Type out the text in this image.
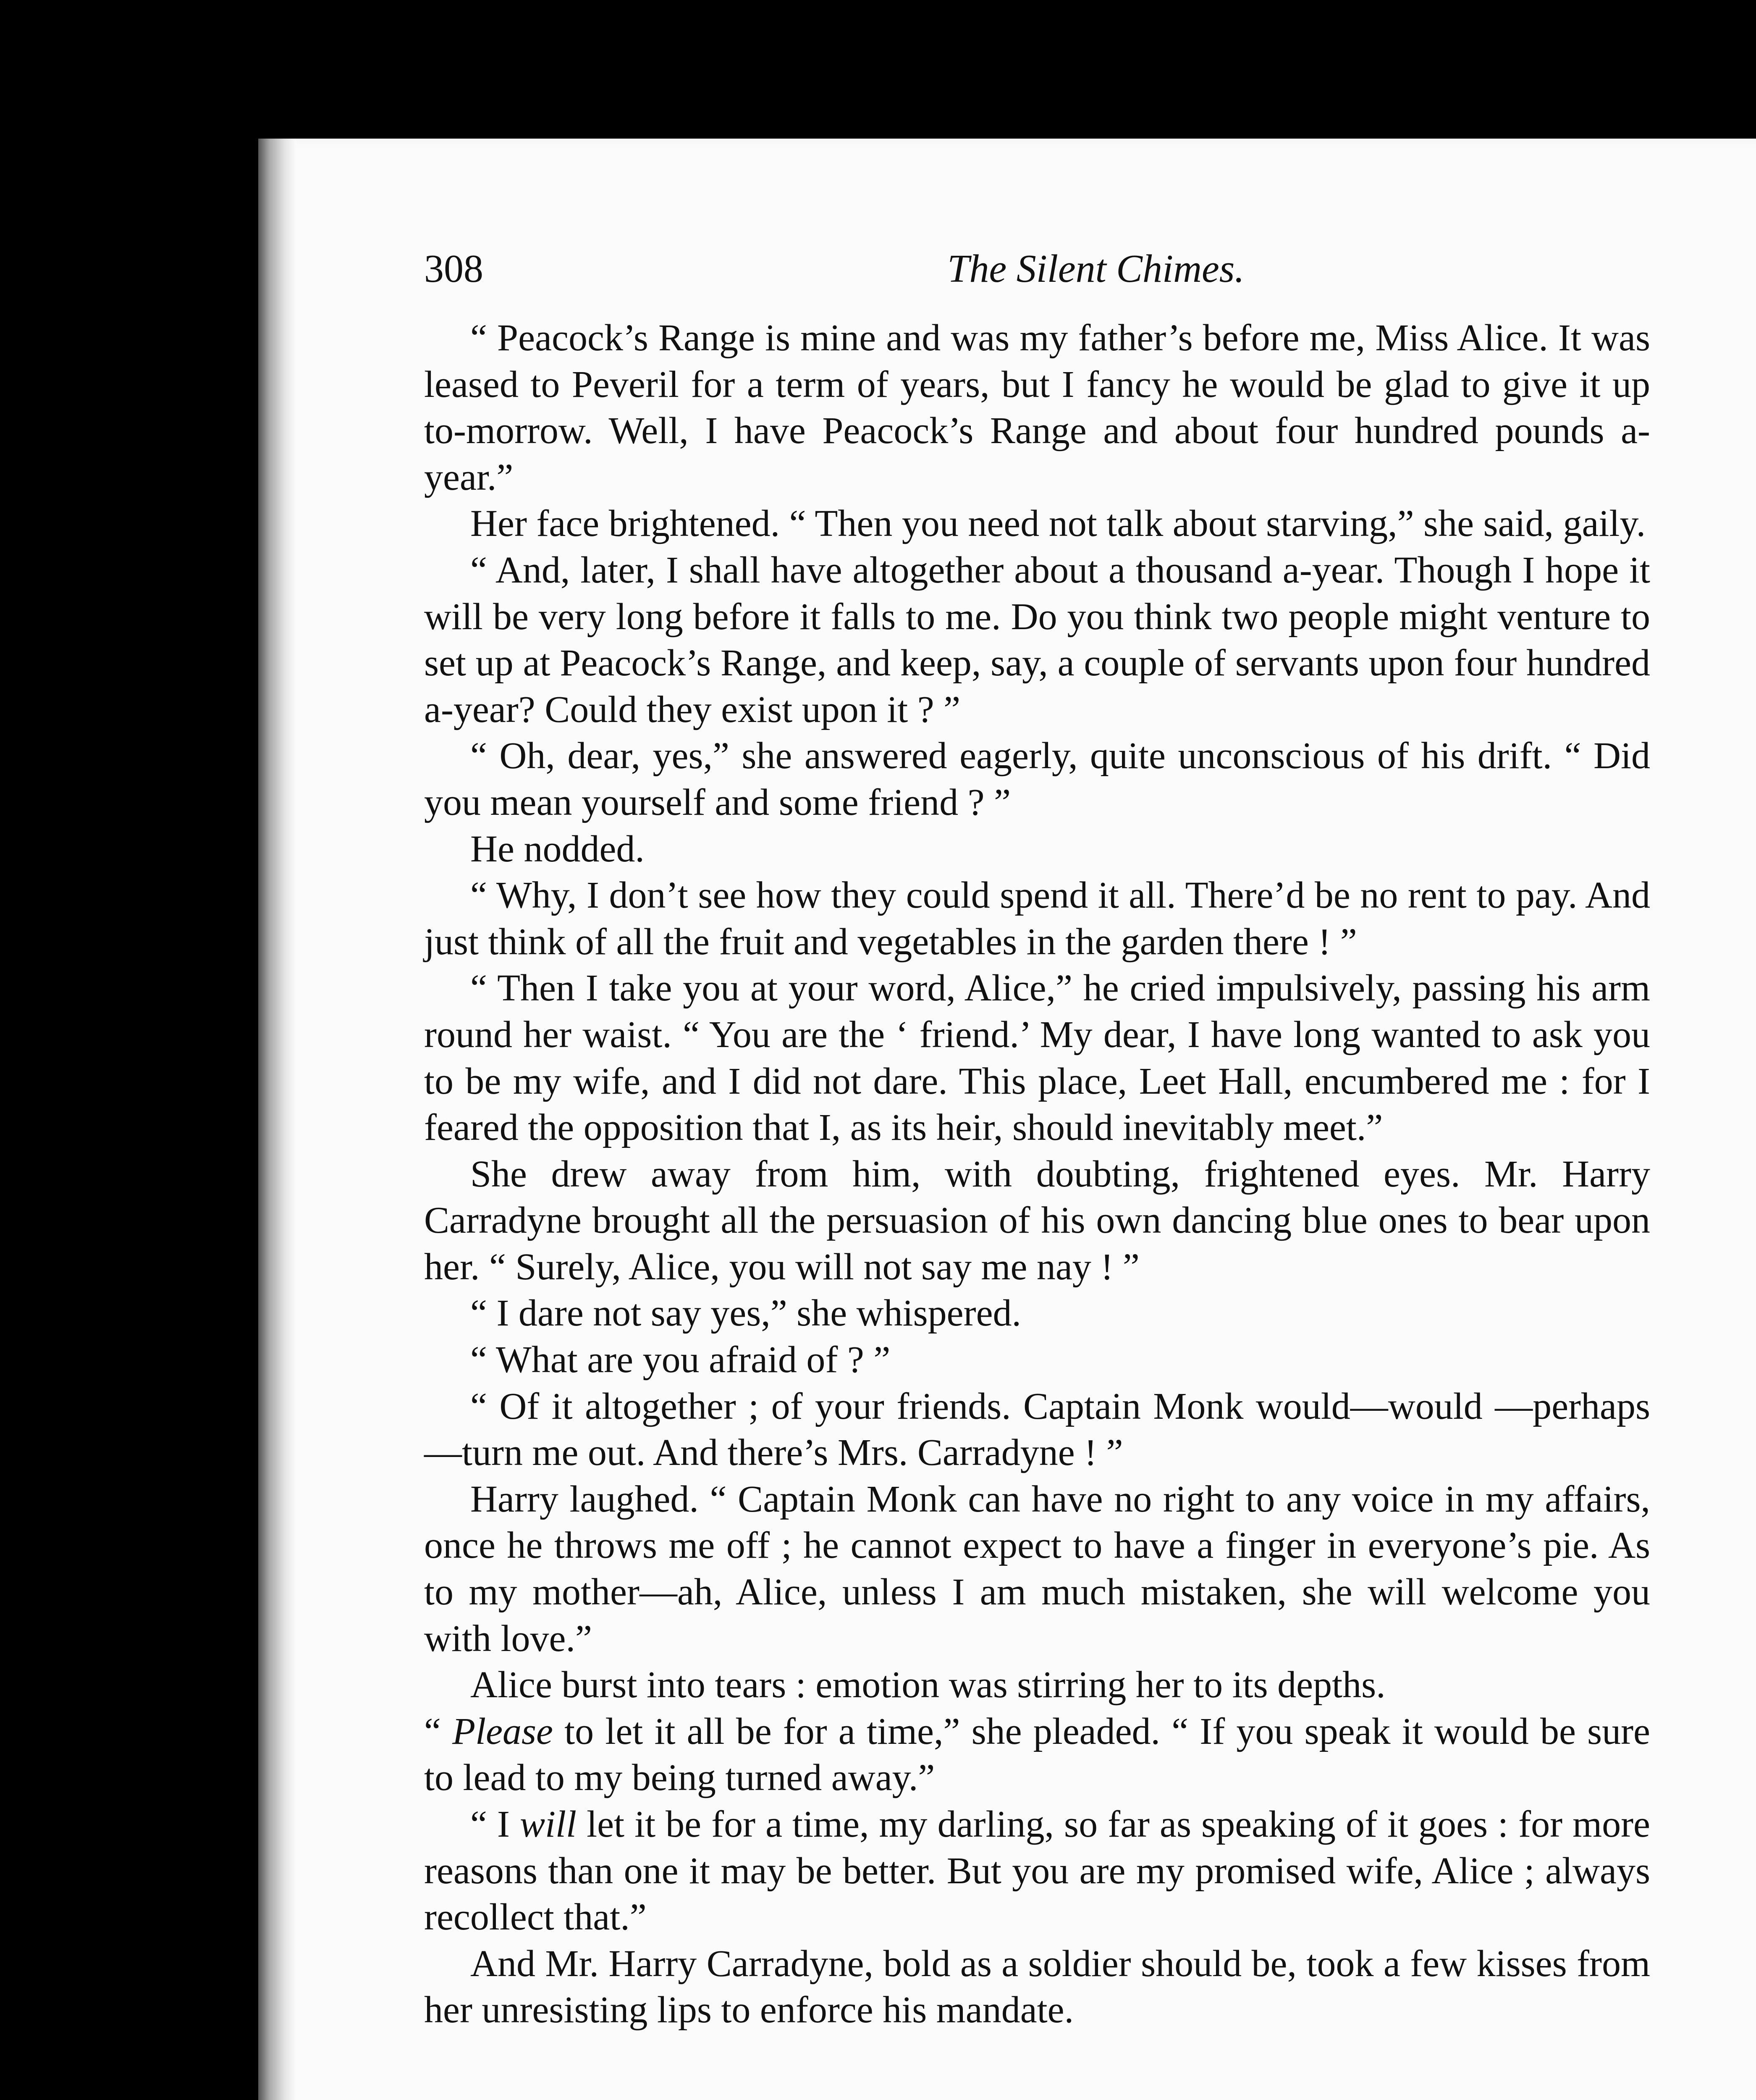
308	The Silent Chimes.

“ Peacock’s Range is mine and was my father’s before me, Miss Alice. It was leased to Peveril for a term of years, but I fancy he would be glad to give it up to-morrow. Well, I have Peacock’s Range and about four hundred pounds a-year.”

Her face brightened. “ Then you need not talk about starving,” she said, gaily.

“ And, later, I shall have altogether about a thousand a-year. Though I hope it will be very long before it falls to me. Do you think two people might venture to set up at Peacock’s Range, and keep, say, a couple of servants upon four hundred a-year? Could they exist upon it ? ”

“ Oh, dear, yes,” she answered eagerly, quite unconscious of his drift. “ Did you mean yourself and some friend ? ”

He nodded.

“ Why, I don’t see how they could spend it all. There’d be no rent to pay. And just think of all the fruit and vegetables in the garden there ! ”

“ Then I take you at your word, Alice,” he cried impulsively, passing his arm round her waist. “ You are the ‘ friend.’ My dear, I have long wanted to ask you to be my wife, and I did not dare. This place, Leet Hall, encumbered me : for I feared the opposition that I, as its heir, should inevitably meet.”

She drew away from him, with doubting, frightened eyes. Mr. Harry Carradyne brought all the persuasion of his own dancing blue ones to bear upon her. “ Surely, Alice, you will not say me nay ! ”

“ I dare not say yes,” she whispered.

“ What are you afraid of ? ”

“ Of it altogether ; of your friends. Captain Monk would—would —perhaps—turn me out. And there’s Mrs. Carradyne ! ”

Harry laughed. “ Captain Monk can have no right to any voice in my affairs, once he throws me off ; he cannot expect to have a finger in everyone’s pie. As to my mother—ah, Alice, unless I am much mistaken, she will welcome you with love.”

Alice burst into tears : emotion was stirring her to its depths.
“ Please to let it all be for a time,” she pleaded. “ If you speak it would be sure to lead to my being turned away.”

“ I will let it be for a time, my darling, so far as speaking of it goes : for more reasons than one it may be better. But you are my promised wife, Alice ; always recollect that.”

And Mr. Harry Carradyne, bold as a soldier should be, took a few kisses from her unresisting lips to enforce his mandate.
